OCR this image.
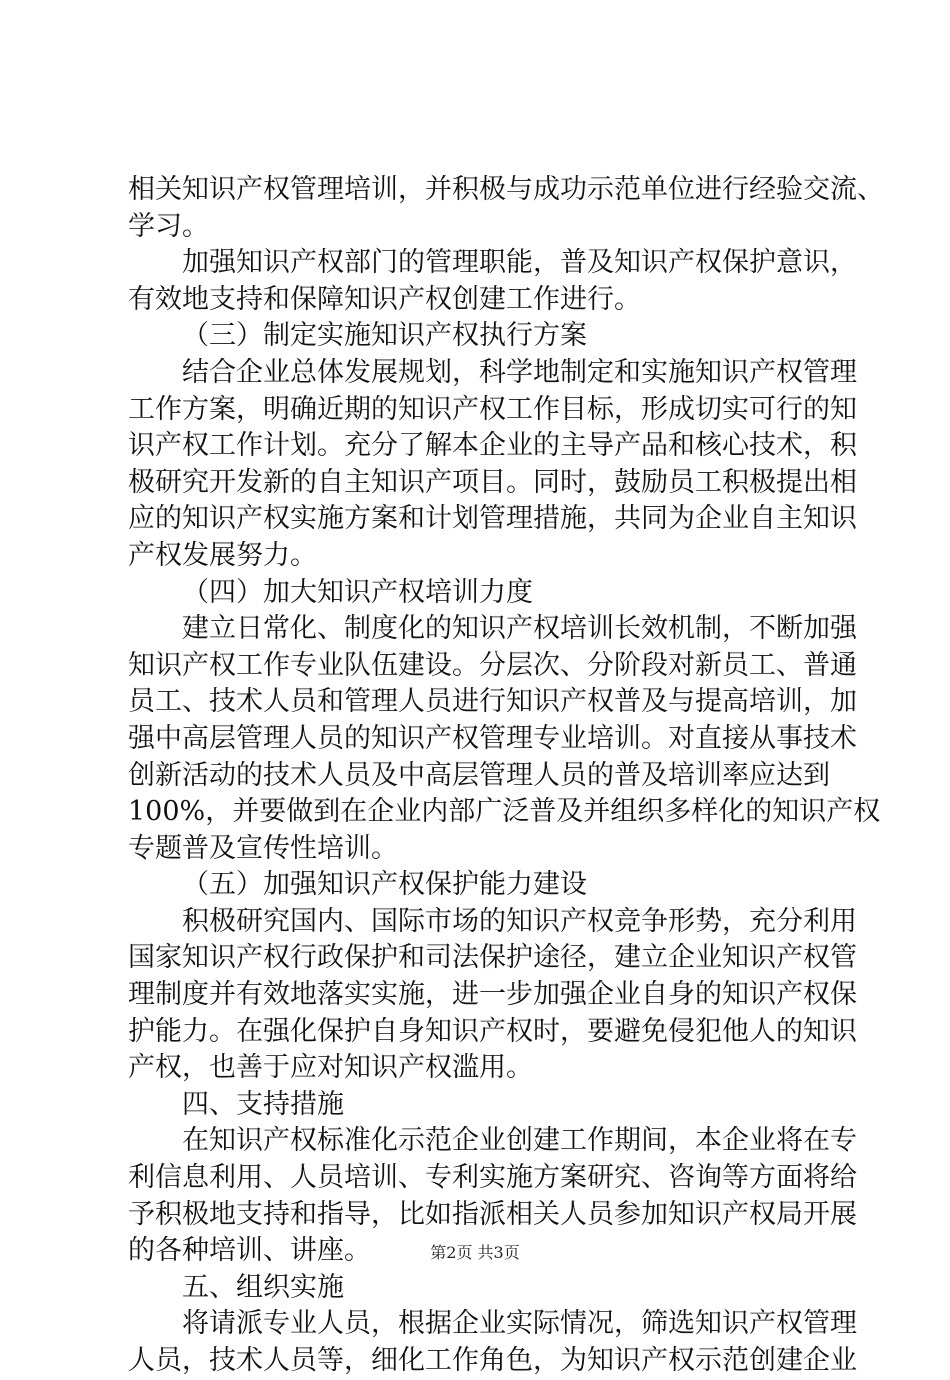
相关知识产权管理培训，并积极与成功示范单位进行经验交流、
学习。
加强知识产权部门的管理职能，普及知识产权保护意识，
有效地支持和保障知识产权创建工作进行。
（三）制定实施知识产权执行方案
结合企业总体发展规划，科学地制定和实施知识产权管理
工作方案，明确近期的知识产权工作目标，形成切实可行的知
识产权工作计划。充分了解本企业的主导产品和核心技术，积
极研究开发新的自主知识产项目。同时，鼓励员工积极提出相
应的知识产权实施方案和计划管理措施，共同为企业自主知识
产权发展努力。
（四）加大知识产权培训力度
建立日常化、制度化的知识产权培训长效机制，不断加强
知识产权工作专业队伍建设。分层次、分阶段对新员工、普通
员工、技术人员和管理人员进行知识产权普及与提高培训，加
强中高层管理人员的知识产权管理专业培训。对直接从事技术
创新活动的技术人员及中高层管理人员的普及培训率应达到
100%，并要做到在企业内部广泛普及并组织多样化的知识产权
专题普及宣传性培训。
（五）加强知识产权保护能力建设
积极研究国内、国际市场的知识产权竞争形势，充分利用
国家知识产权行政保护和司法保护途径，建立企业知识产权管
理制度并有效地落实实施，进一步加强企业自身的知识产权保
护能力。在强化保护自身知识产权时，要避免侵犯他人的知识
产权，也善于应对知识产权滥用。
四、支持措施
在知识产权标准化示范企业创建工作期间，本企业将在专
利信息利用、人员培训、专利实施方案研究、咨询等方面将给
予积极地支持和指导，比如指派相关人员参加知识产权局开展
的各种培训、讲座。
五、组织实施
将请派专业人员，根据企业实际情况，筛选知识产权管理
人员，技术人员等，细化工作角色，为知识产权示范创建企业
第2页 共3页
